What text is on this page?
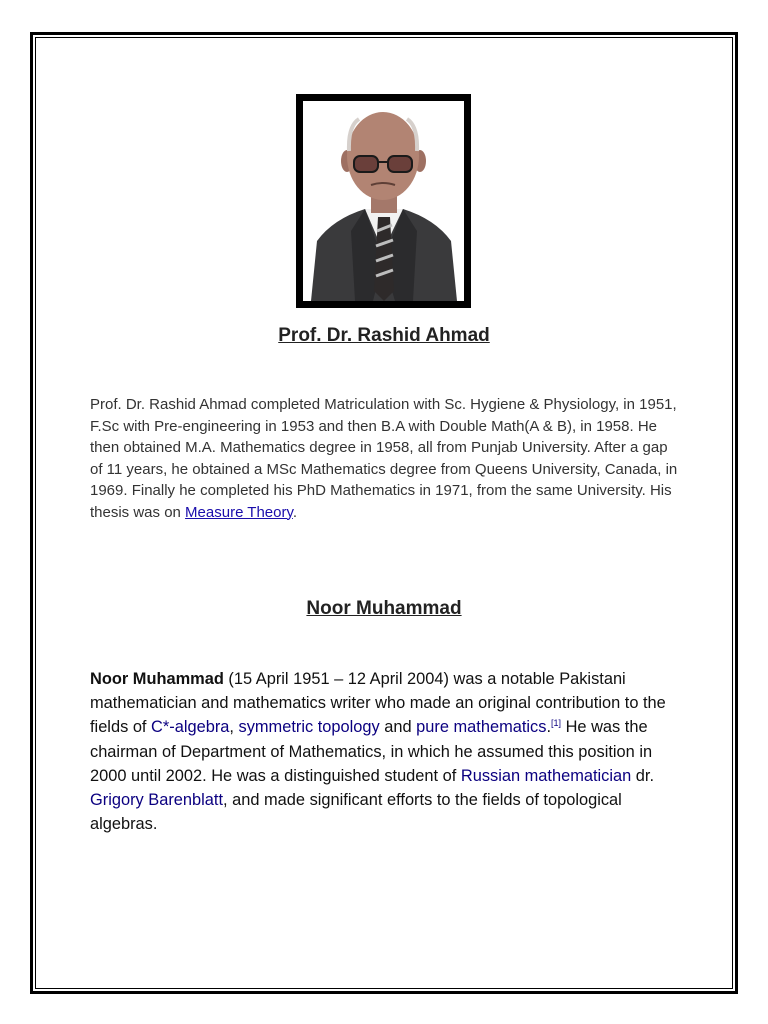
Prof. Dr. Rashid Ahmad
Prof. Dr. Rashid Ahmad completed Matriculation with Sc. Hygiene & Physiology, in 1951, F.Sc with Pre-engineering in 1953 and then B.A with Double Math(A & B), in 1958. He then obtained M.A. Mathematics degree in 1958, all from Punjab University. After a gap of 11 years, he obtained a MSc Mathematics degree from Queens University, Canada, in 1969. Finally he completed his PhD Mathematics in 1971, from the same University. His thesis was on Measure Theory.
Noor Muhammad
Noor Muhammad (15 April 1951 – 12 April 2004) was a notable Pakistani mathematician and mathematics writer who made an original contribution to the fields of C*-algebra, symmetric topology and pure mathematics.[1] He was the chairman of Department of Mathematics, in which he assumed this position in 2000 until 2002. He was a distinguished student of Russian mathematician dr. Grigory Barenblatt, and made significant efforts to the fields of topological algebras.
